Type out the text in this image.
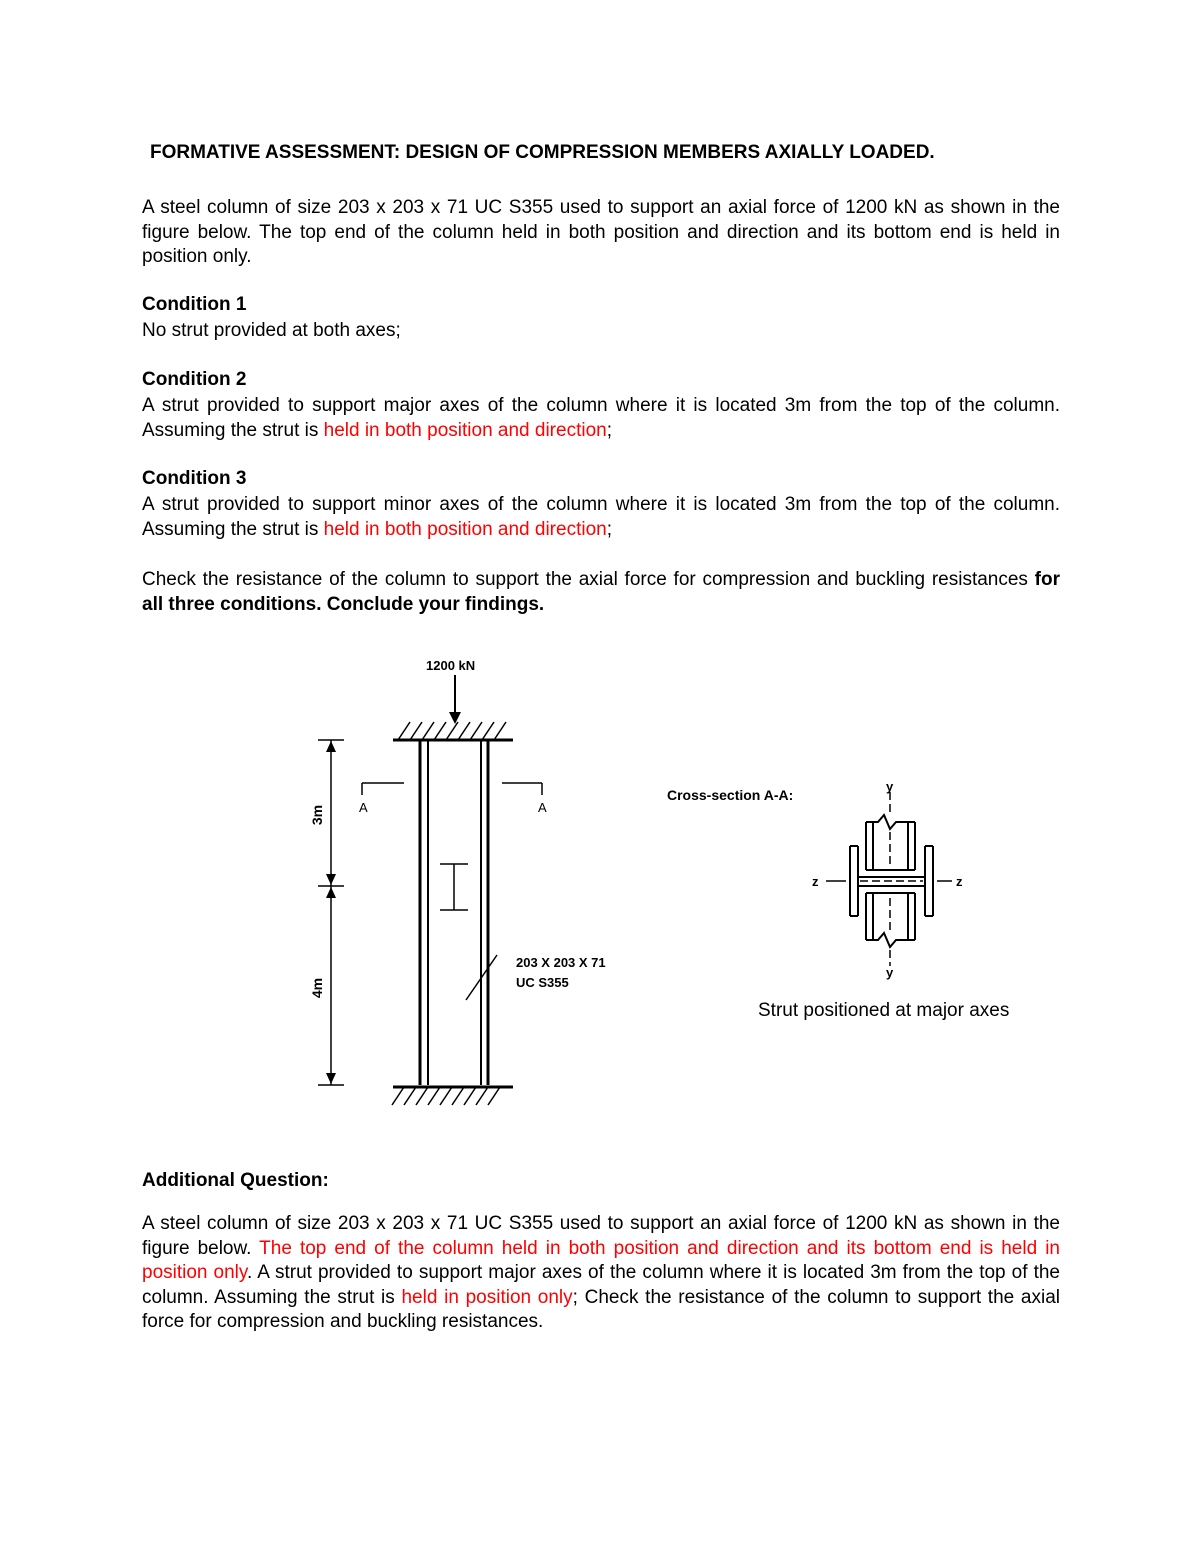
1200 kN
3m
4m
A	A
203 X 203 X 71
UC S355
Cross-section A-A:
y
y
z	z
Strut positioned at major axes
FORMATIVE ASSESSMENT: DESIGN OF COMPRESSION MEMBERS AXIALLY LOADED.
A steel column of size 203 x 203 x 71 UC S355 used to support an axial force of 1200 kN as shown in the figure below. The top end of the column held in both position and direction and its bottom end is held in position only.
Condition 1
No strut provided at both axes;
Condition 2
A strut provided to support major axes of the column where it is located 3m from the top of the column. Assuming the strut is held in both position and direction;
Condition 3
A strut provided to support minor axes of the column where it is located 3m from the top of the column. Assuming the strut is held in both position and direction;
Check the resistance of the column to support the axial force for compression and buckling resistances for all three conditions. Conclude your findings.
Additional Question:
A steel column of size 203 x 203 x 71 UC S355 used to support an axial force of 1200 kN as shown in the figure below. The top end of the column held in both position and direction and its bottom end is held in position only. A strut provided to support major axes of the column where it is located 3m from the top of the column. Assuming the strut is held in position only; Check the resistance of the column to support the axial force for compression and buckling resistances.
